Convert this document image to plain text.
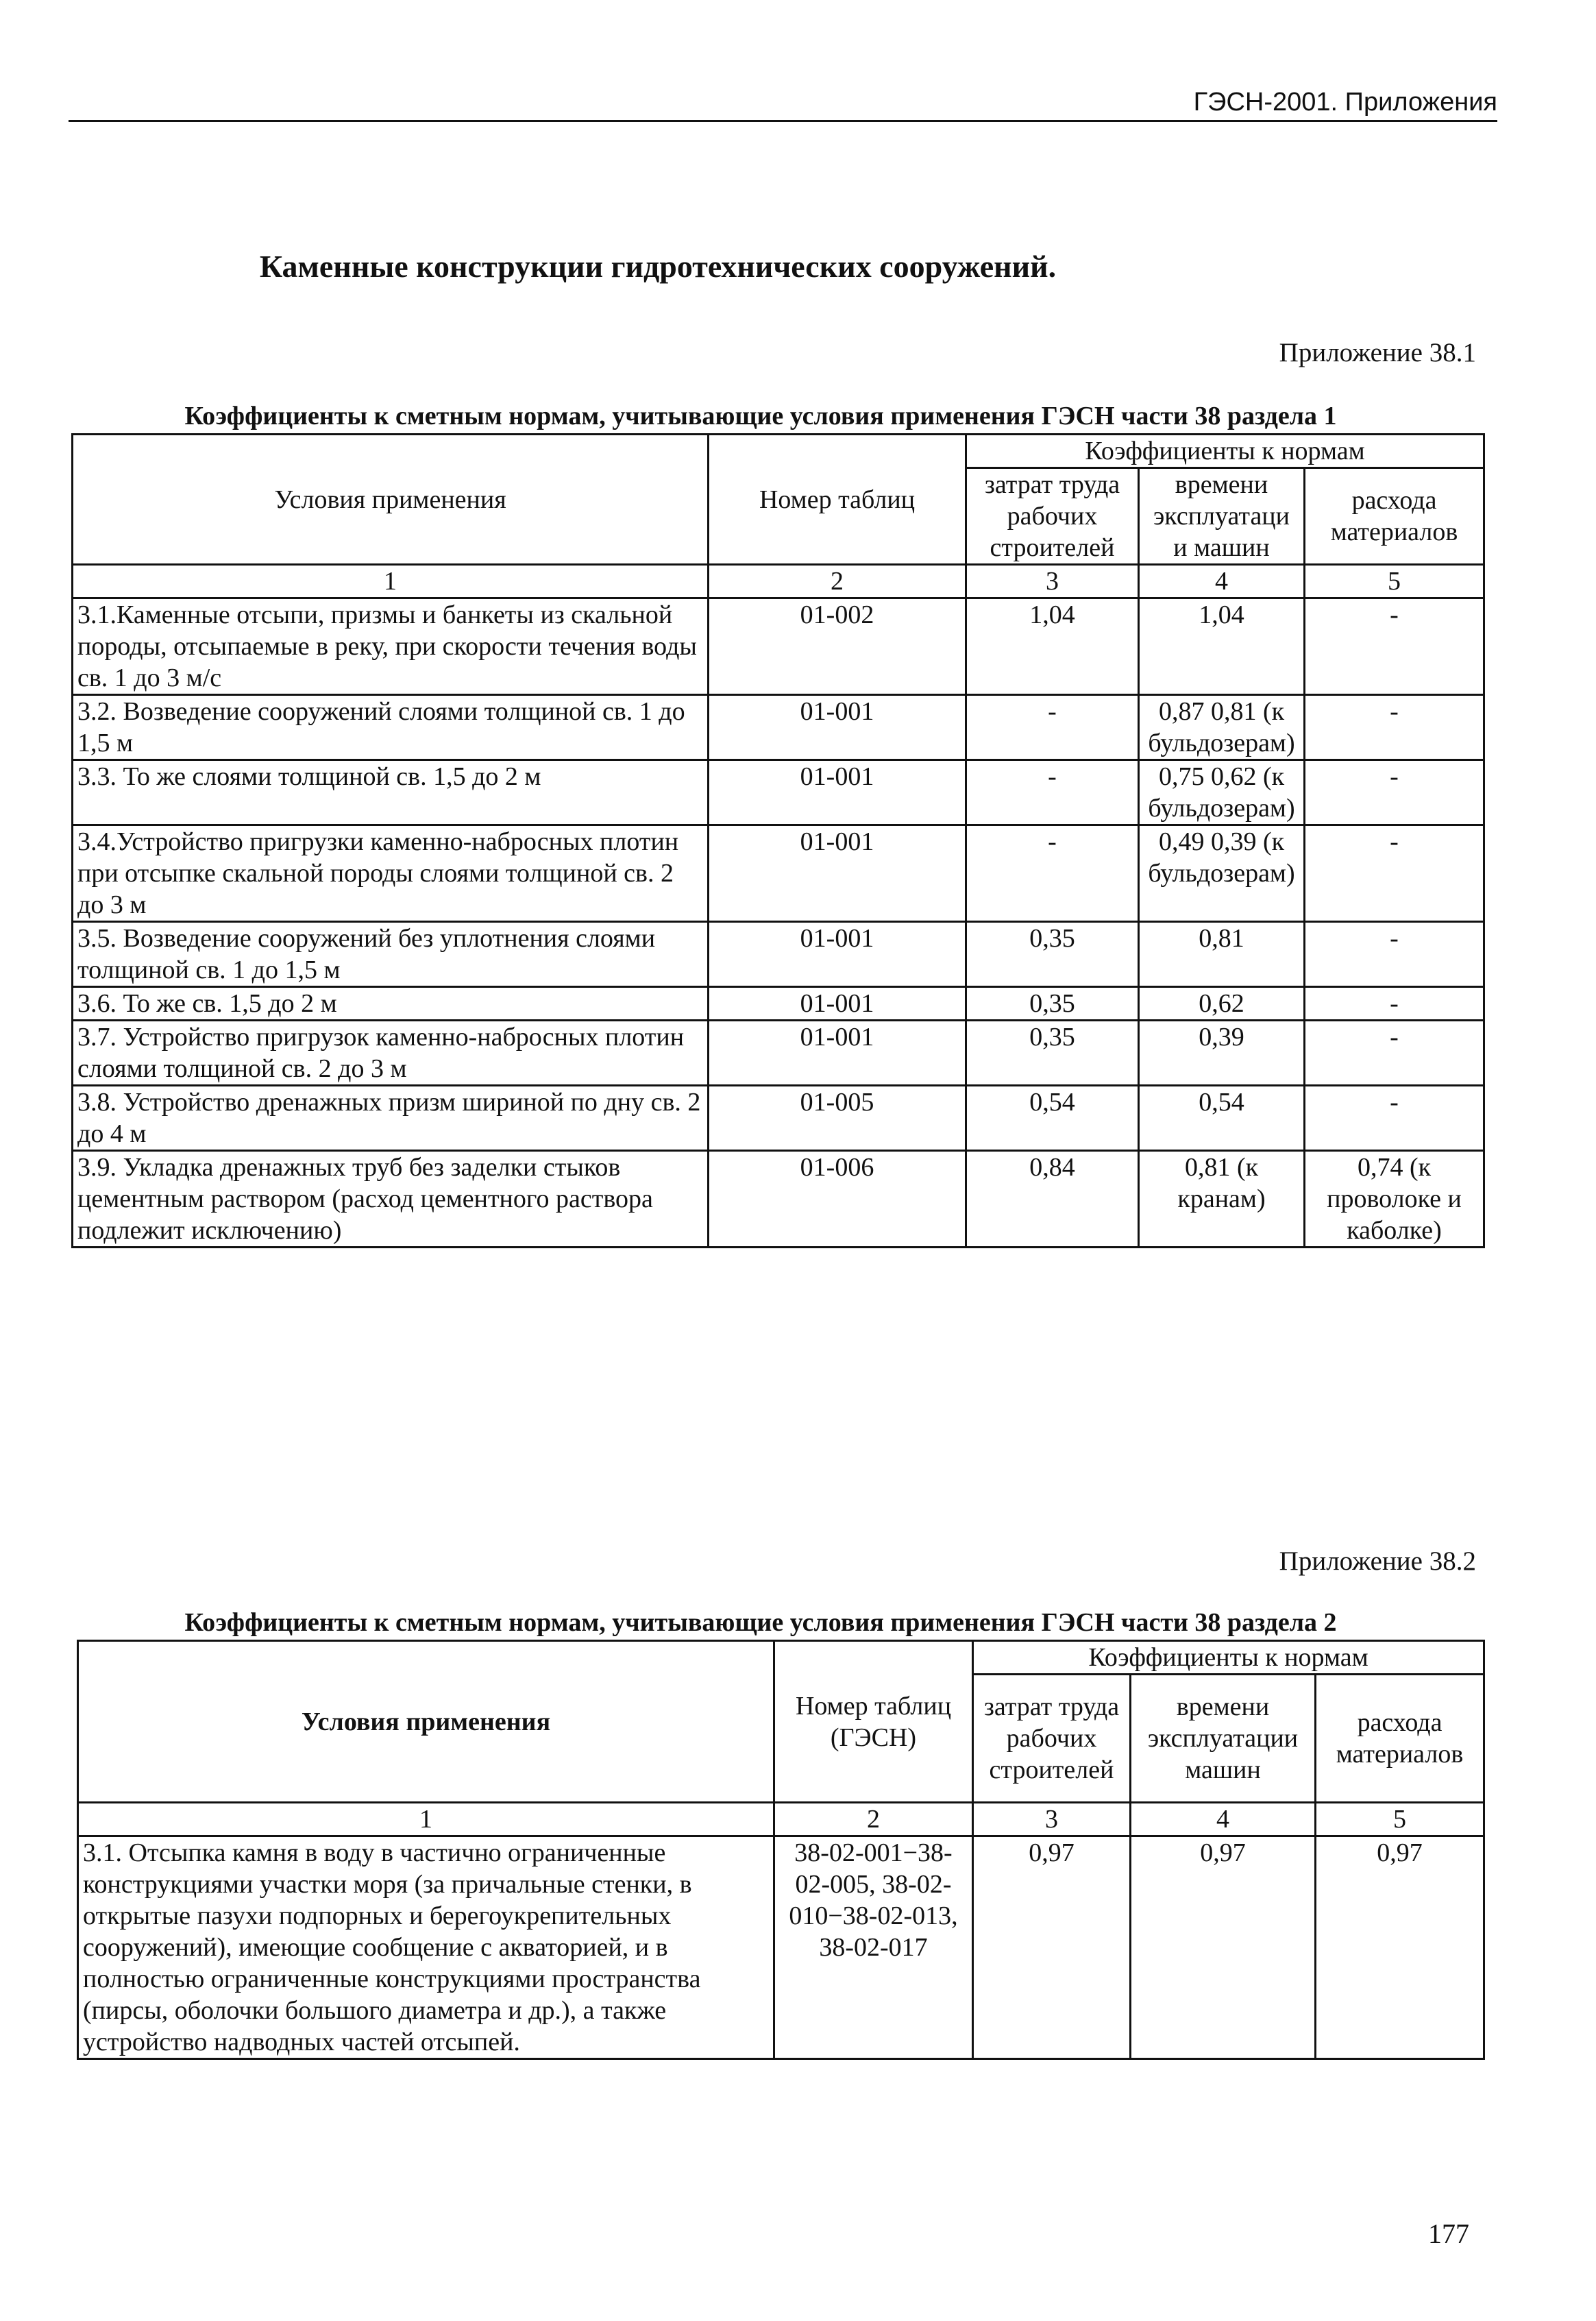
ГЭСН-2001. Приложения
Каменные конструкции гидротехнических сооружений.
Приложение 38.1
Коэффициенты к сметным нормам, учитывающие условия применения ГЭСН части 38 раздела 1
Условия применения	Номер таблиц	Коэффициенты к нормам		
		затрат труда рабочих строителей	времени эксплуатаци и машин	расхода материалов
1	2	3	4	5
3.1.Каменные отсыпи, призмы и банкеты из скальной породы, отсыпаемые в реку, при скорости течения воды св. 1 до 3 м/с	01-002	1,04	1,04	-
3.2. Возведение сооружений слоями толщиной св. 1 до 1,5 м	01-001	-	0,87 0,81 (к бульдозерам)	-
3.3. То же слоями толщиной св. 1,5 до 2 м	01-001	-	0,75 0,62 (к бульдозерам)	-
3.4.Устройство пригрузки каменно-набросных плотин при отсыпке скальной породы слоями толщиной св. 2 до 3 м	01-001	-	0,49 0,39 (к бульдозерам)	-
3.5. Возведение сооружений без уплотнения слоями толщиной св. 1 до 1,5 м	01-001	0,35	0,81	-
3.6. То же св. 1,5 до 2 м	01-001	0,35	0,62	-
3.7. Устройство пригрузок каменно-набросных плотин слоями толщиной св. 2 до 3 м	01-001	0,35	0,39	-
3.8. Устройство дренажных призм шириной по дну св. 2 до 4 м	01-005	0,54	0,54	-
3.9. Укладка дренажных труб без заделки стыков цементным раствором (расход цементного раствора подлежит исключению)	01-006	0,84	0,81 (к кранам)	0,74 (к проволоке и каболке)
Приложение 38.2
Коэффициенты к сметным нормам, учитывающие условия применения ГЭСН части 38 раздела 2
Условия применения	Номер таблиц (ГЭСН)	Коэффициенты к нормам		
		затрат труда рабочих строителей	времени эксплуатации машин	расхода материалов
1	2	3	4	5
3.1. Отсыпка камня в воду в частично ограниченные конструкциями участки моря (за причальные стенки, в открытые пазухи подпорных и берегоукрепительных сооружений), имеющие сообщение с акваторией, и в полностью ограниченные конструкциями пространства (пирсы, оболочки большого диаметра и др.), а также устройство надводных частей отсыпей.	38-02-001−38-02-005, 38-02-010−38-02-013, 38-02-017	0,97	0,97	0,97
177
